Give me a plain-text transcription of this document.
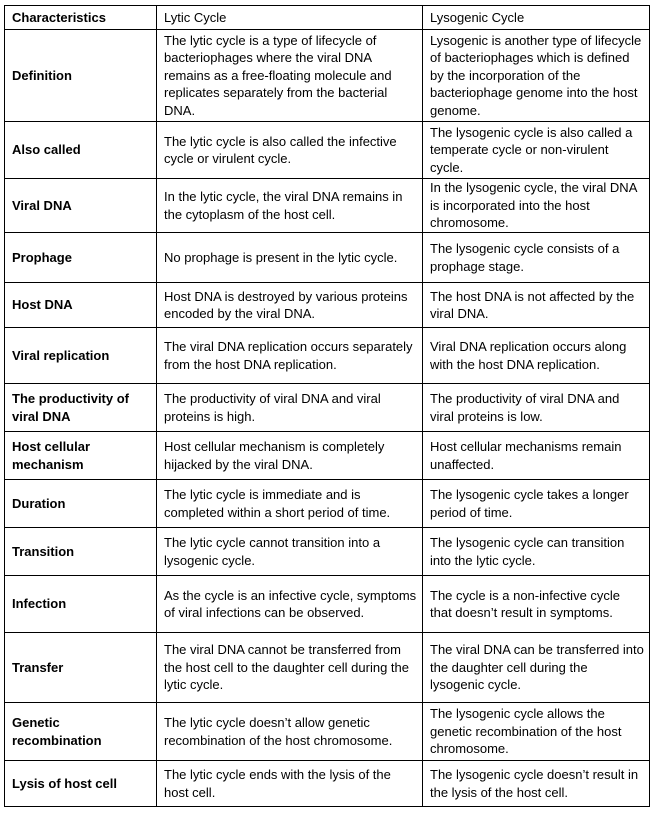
Characteristics	Lytic Cycle	Lysogenic Cycle
Definition	The lytic cycle is a type of lifecycle of bacteriophages where the viral DNA remains as a free-floating molecule and replicates separately from the bacterial DNA.	Lysogenic is another type of lifecycle of bacteriophages which is defined by the incorporation of the bacteriophage genome into the host genome.
Also called	The lytic cycle is also called the infective cycle or virulent cycle.	The lysogenic cycle is also called a temperate cycle or non-virulent cycle.
Viral DNA	In the lytic cycle, the viral DNA remains in the cytoplasm of the host cell.	In the lysogenic cycle, the viral DNA is incorporated into the host chromosome.
Prophage	No prophage is present in the lytic cycle.	The lysogenic cycle consists of a prophage stage.
Host DNA	Host DNA is destroyed by various proteins encoded by the viral DNA.	The host DNA is not affected by the viral DNA.
Viral replication	The viral DNA replication occurs separately from the host DNA replication.	Viral DNA replication occurs along with the host DNA replication.
The productivity of viral DNA	The productivity of viral DNA and viral proteins is high.	The productivity of viral DNA and viral proteins is low.
Host cellular mechanism	Host cellular mechanism is completely hijacked by the viral DNA.	Host cellular mechanisms remain unaffected.
Duration	The lytic cycle is immediate and is completed within a short period of time.	The lysogenic cycle takes a longer period of time.
Transition	The lytic cycle cannot transition into a lysogenic cycle.	The lysogenic cycle can transition into the lytic cycle.
Infection	As the cycle is an infective cycle, symptoms of viral infections can be observed.	The cycle is a non-infective cycle that doesn’t result in symptoms.
Transfer	The viral DNA cannot be transferred from the host cell to the daughter cell during the lytic cycle.	The viral DNA can be transferred into the daughter cell during the lysogenic cycle.
Genetic recombination	The lytic cycle doesn’t allow genetic recombination of the host chromosome.	The lysogenic cycle allows the genetic recombination of the host chromosome.
Lysis of host cell	The lytic cycle ends with the lysis of the host cell.	The lysogenic cycle doesn’t result in the lysis of the host cell.
